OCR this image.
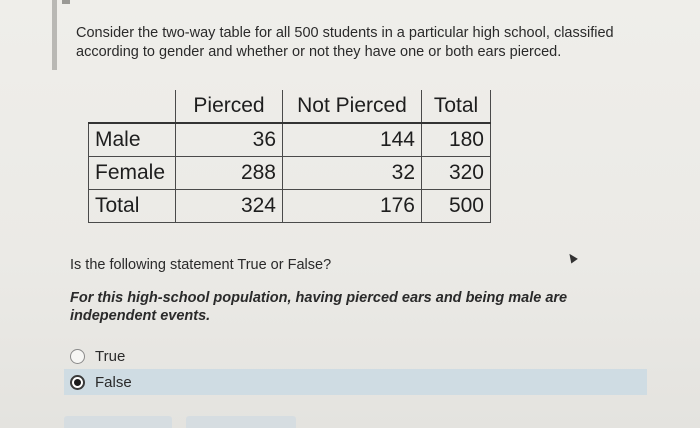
Consider the two-way table for all 500 students in a particular high school, classified according to gender and whether or not they have one or both ears pierced.
	Pierced	Not Pierced	Total
Male	36	144	180
Female	288	32	320
Total	324	176	500
Is the following statement True or False?
For this high-school population, having pierced ears and being male are independent events.
True
False
